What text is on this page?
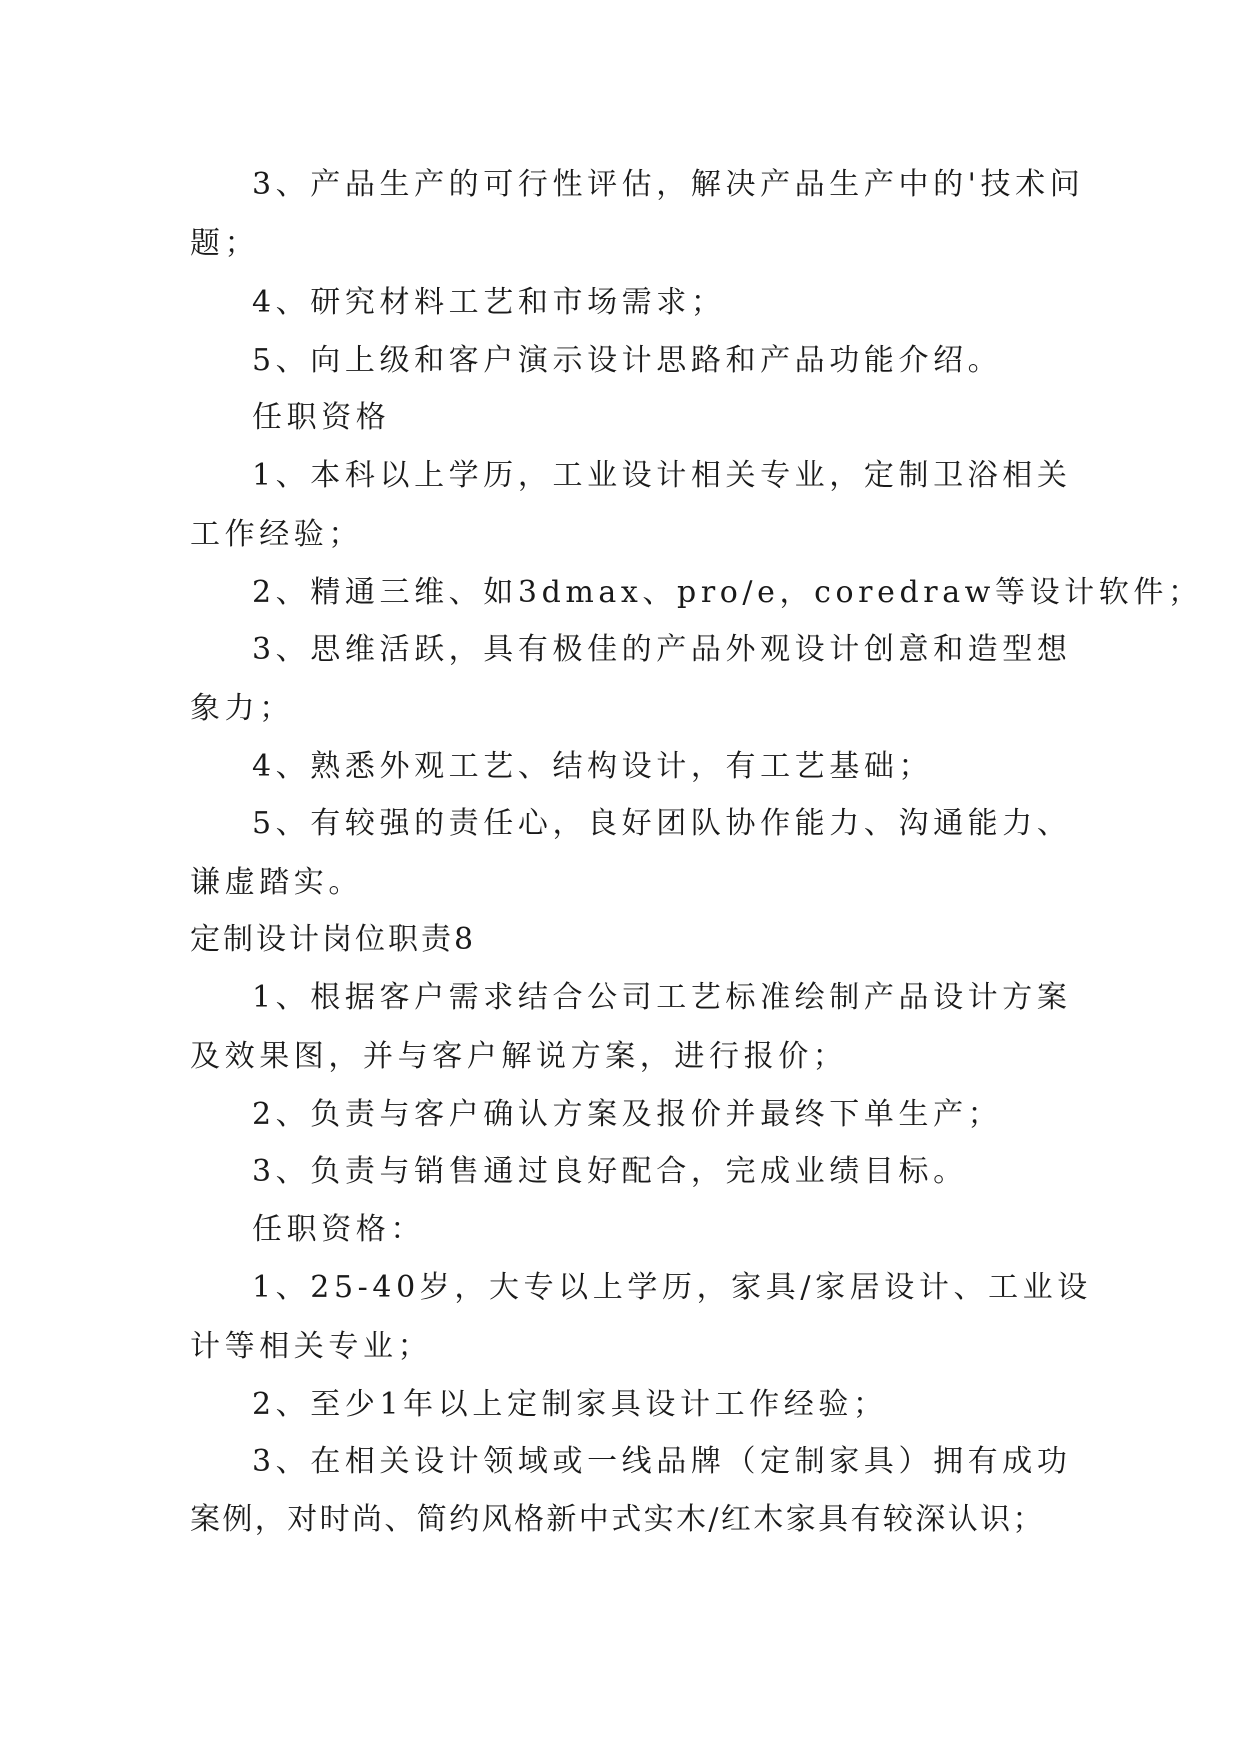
3、产品生产的可行性评估，解决产品生产中的'技术问
题；
4、研究材料工艺和市场需求；
5、向上级和客户演示设计思路和产品功能介绍。
任职资格
1、本科以上学历，工业设计相关专业，定制卫浴相关
工作经验；
2、精通三维、如3dmax、pro/e，coredraw等设计软件；
3、思维活跃，具有极佳的产品外观设计创意和造型想
象力；
4、熟悉外观工艺、结构设计，有工艺基础；
5、有较强的责任心，良好团队协作能力、沟通能力、
谦虚踏实。
定制设计岗位职责8
1、根据客户需求结合公司工艺标准绘制产品设计方案
及效果图，并与客户解说方案，进行报价；
2、负责与客户确认方案及报价并最终下单生产；
3、负责与销售通过良好配合，完成业绩目标。
任职资格：
1、25-40岁，大专以上学历，家具/家居设计、工业设
计等相关专业；
2、至少1年以上定制家具设计工作经验；
3、在相关设计领域或一线品牌（定制家具）拥有成功
案例，对时尚、简约风格新中式实木/红木家具有较深认识；
